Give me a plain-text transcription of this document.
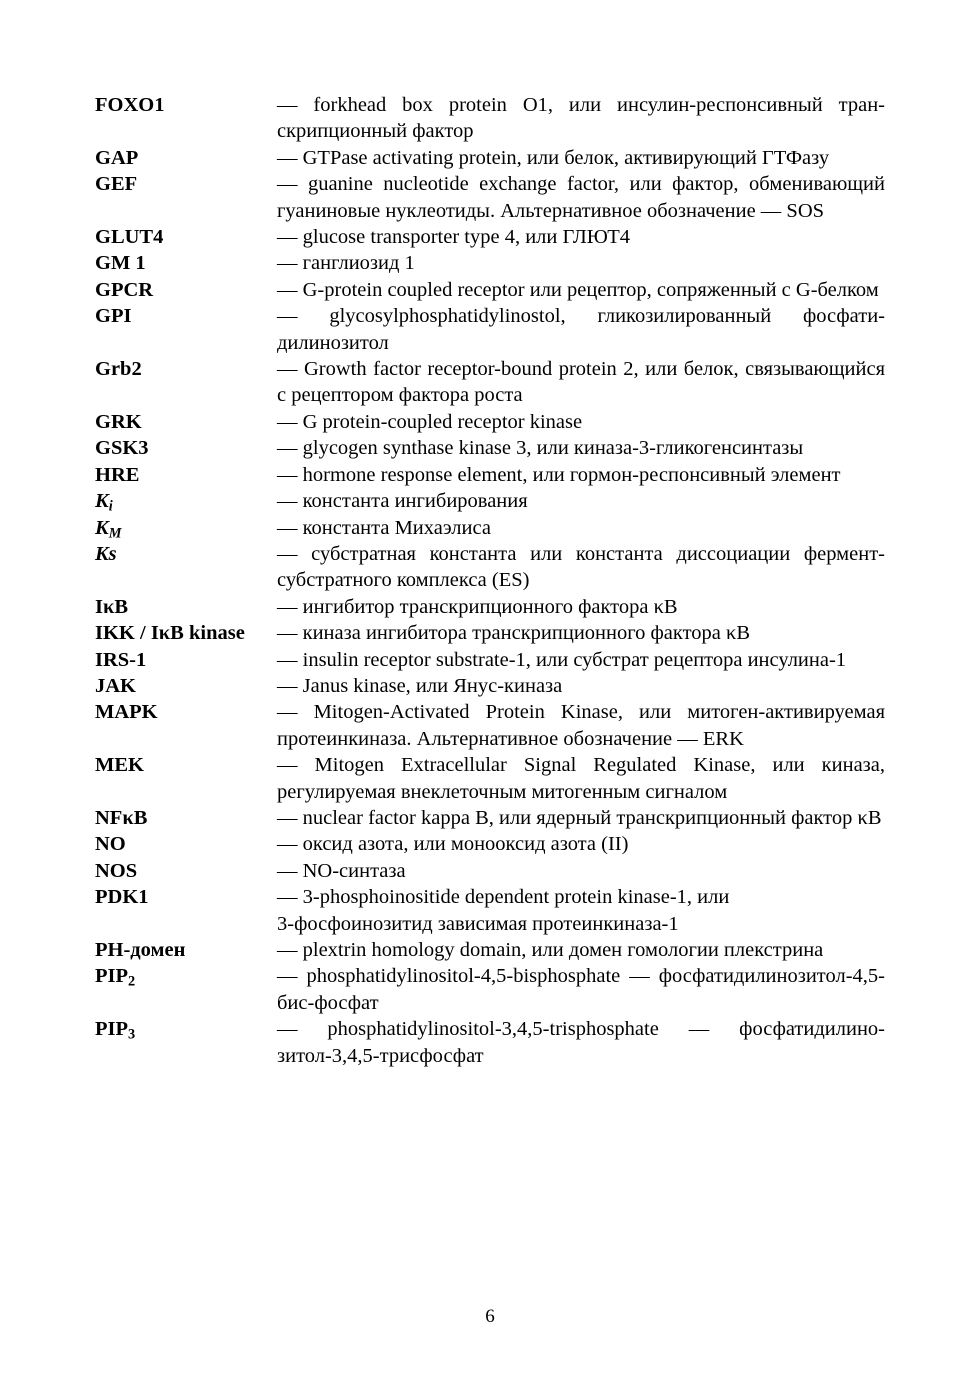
FOXO1	— forkhead box protein O1, или инсулин-респонсивный транскрипционный фактор
GAP	— GTPase activating protein, или белок, активирующий ГТФазу
GEF	— guanine nucleotide exchange factor, или фактор, обменивающий гуаниновые нуклеотиды. Альтернативное обозначение — SOS
GLUT4	— glucose transporter type 4, или ГЛЮТ4
GM 1	— ганглиозид 1
GPCR	— G-protein coupled receptor или рецептор, сопряженный с G-белком
GPI	— glycosylphosphatidylinostol, гликозилированный фосфатидилинозитол
Grb2	— Growth factor receptor-bound protein 2, или белок, связывающийся с рецептором фактора роста
GRK	— G protein-coupled receptor kinase
GSK3	— glycogen synthase kinase 3, или киназа-3-гликогенсинтазы
HRE	— hormone response element, или гормон-респонсивный элемент
$K_i$	— константа ингибирования
$K_M$	— константа Михаэлиса
Ks	— субстратная константа или константа диссоциации фермент-субстратного комплекса (ES)
IκB	— ингибитор транскрипционного фактора κB
IKK / IκB kinase	— киназа ингибитора транскрипционного фактора κB
IRS-1	— insulin receptor substrate-1, или субстрат рецептора инсулина-1
JAK	— Janus kinase, или Янус-киназа
MAPK	— Mitogen-Activated Protein Kinase, или митоген-активируемая протеинкиназа. Альтернативное обозначение — ERK
MEK	— Mitogen Extracellular Signal Regulated Kinase, или киназа, регулируемая внеклеточным митогенным сигналом
NFκB	— nuclear factor kappa B, или ядерный транскрипционный фактор κB
NO	— оксид азота, или монооксид азота (II)
NOS	— NO-синтаза
PDK1	— 3-phosphoinositide dependent protein kinase-1, или
3-фосфоинозитид зависимая протеинкиназа-1
PH-домен	— plextrin homology domain, или домен гомологии плекстрина
$PIP_2$	— phosphatidylinositol-4,5-bisphosphate — фосфатидилинозитол-4,5-бис-фосфат
$PIP_3$	— phosphatidylinositol-3,4,5-trisphosphate — фосфатидилинозитол-3,4,5-трисфосфат
6
